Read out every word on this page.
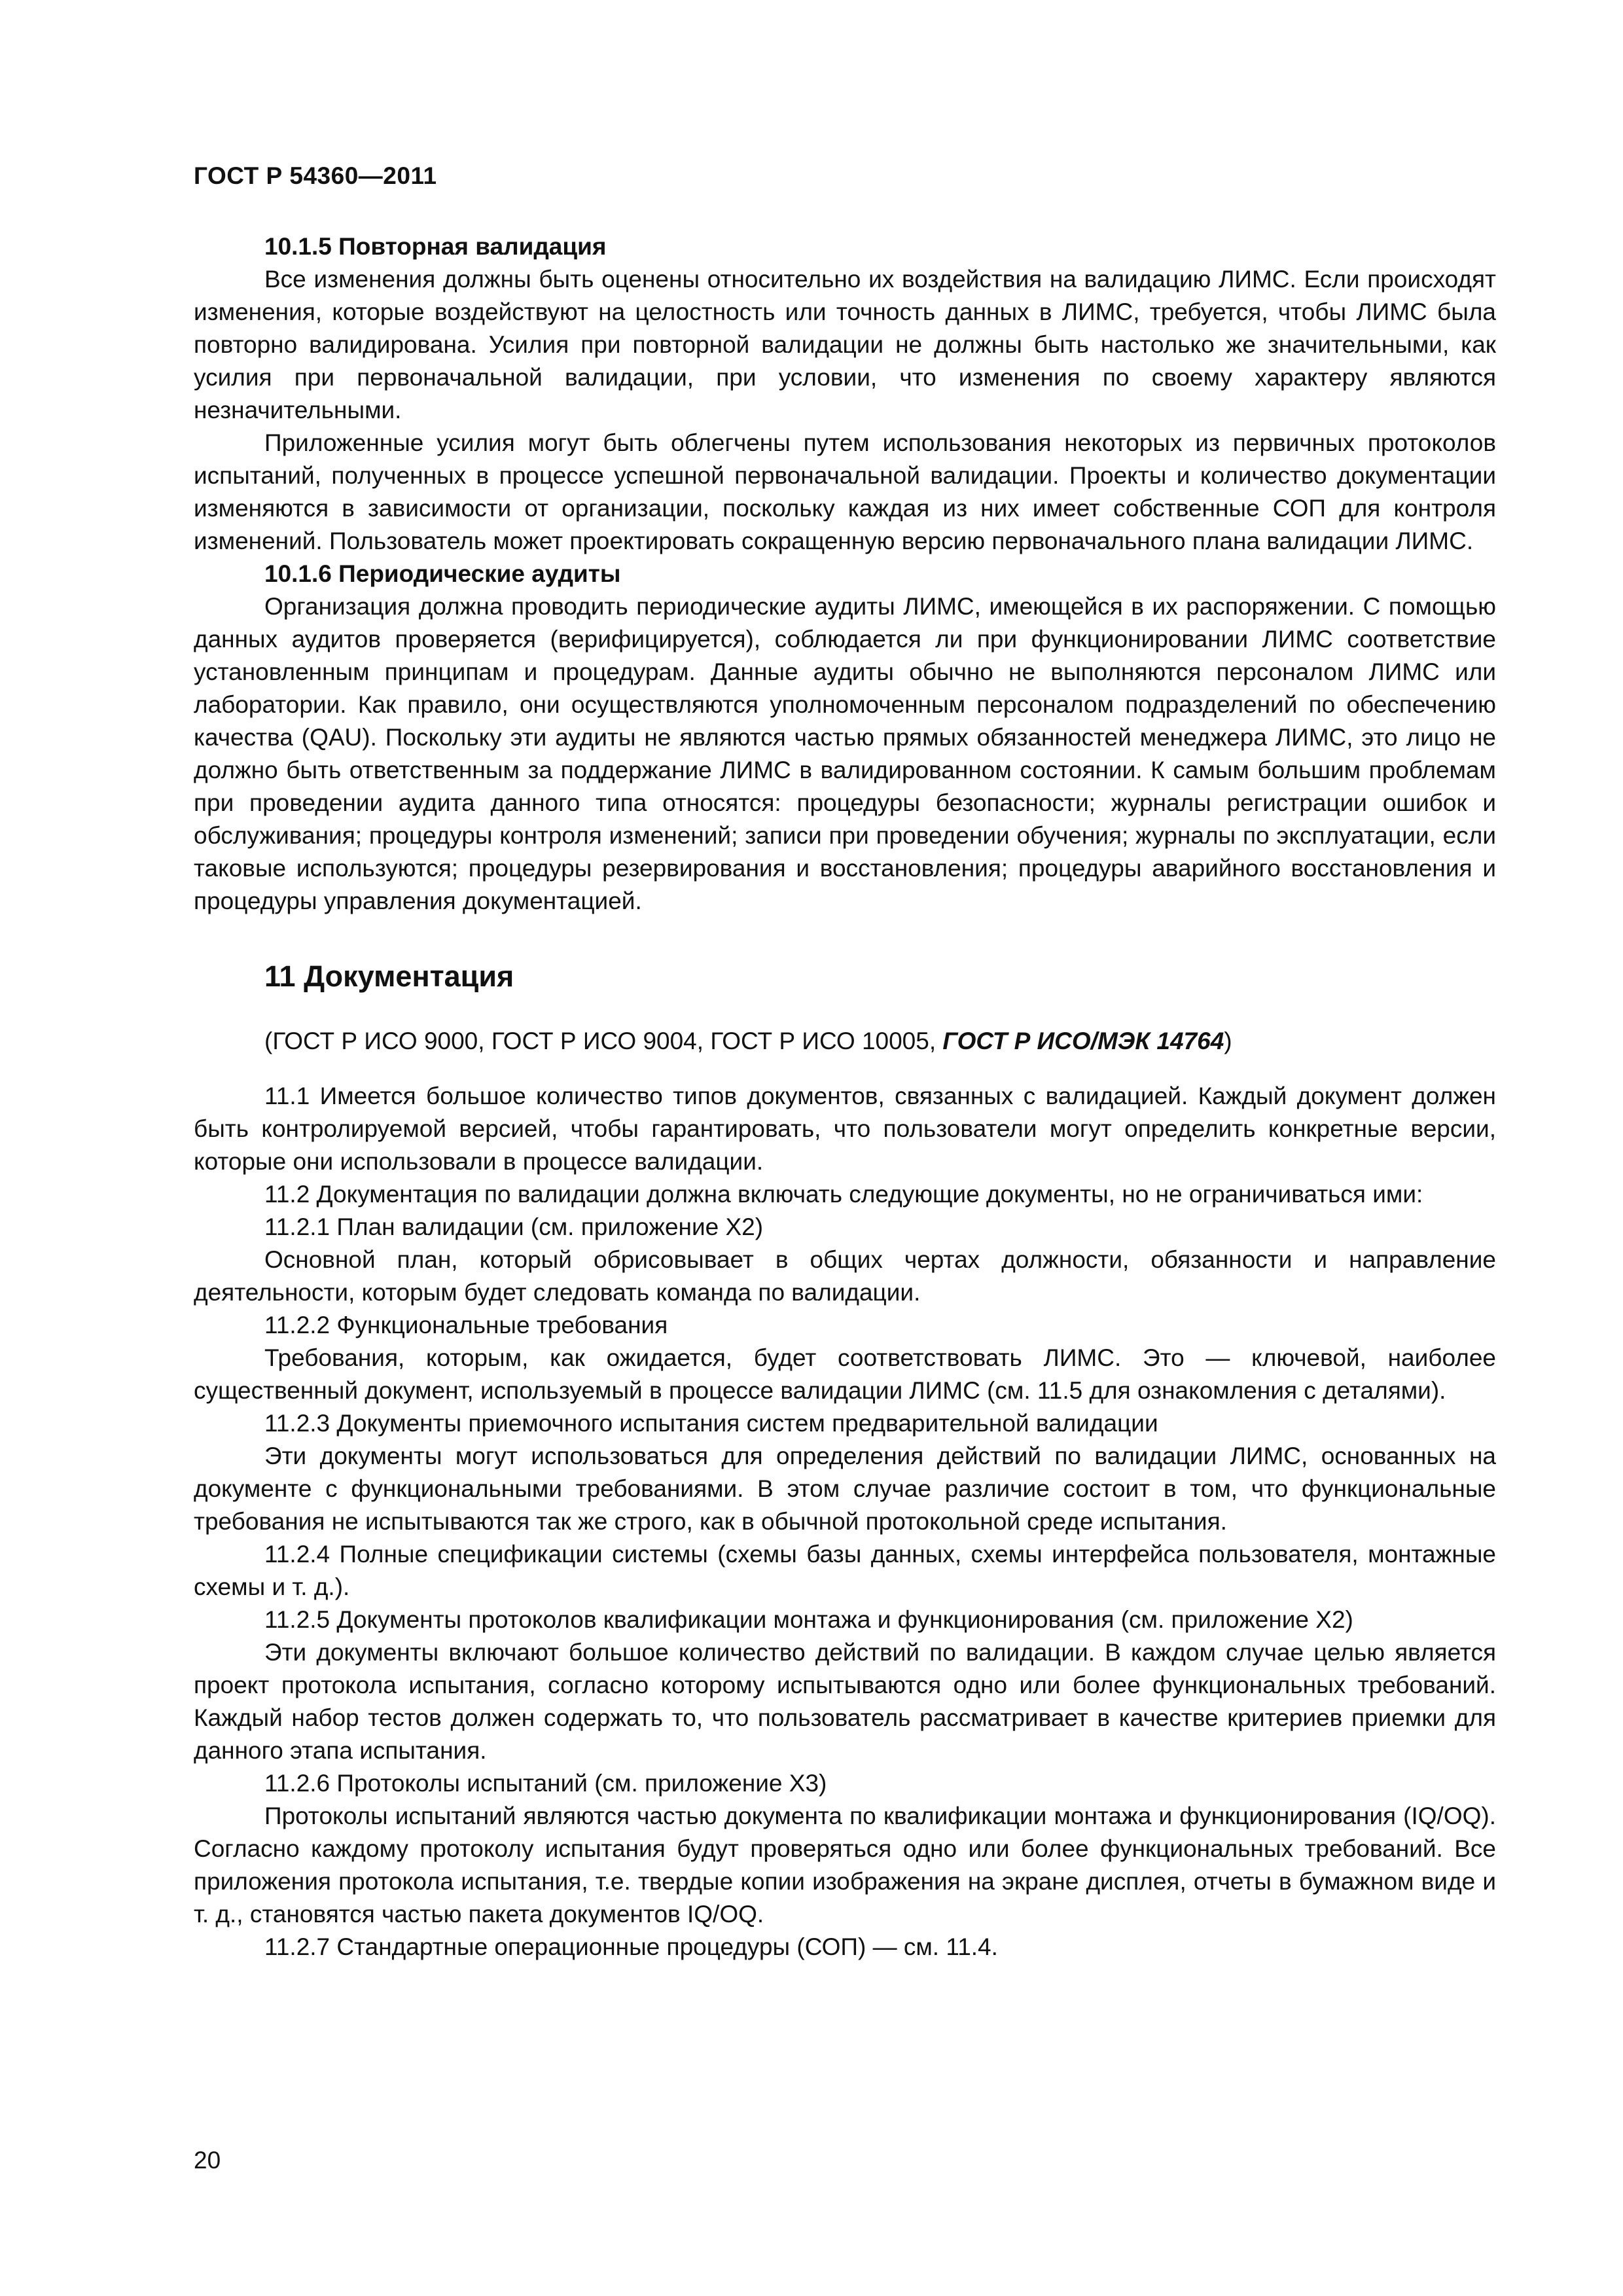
ГОСТ Р 54360—2011
10.1.5 Повторная валидация

Все изменения должны быть оценены относительно их воздействия на валидацию ЛИМС. Если происходят изменения, которые воздействуют на целостность или точность данных в ЛИМС, требуется, чтобы ЛИМС была повторно валидирована. Усилия при повторной валидации не должны быть настолько же значительными, как усилия при первоначальной валидации, при условии, что изменения по своему характеру являются незначительными.

Приложенные усилия могут быть облегчены путем использования некоторых из первичных протоколов испытаний, полученных в процессе успешной первоначальной валидации. Проекты и количество документации изменяются в зависимости от организации, поскольку каждая из них имеет собственные СОП для контроля изменений. Пользователь может проектировать сокращенную версию первоначального плана валидации ЛИМС.

10.1.6 Периодические аудиты

Организация должна проводить периодические аудиты ЛИМС, имеющейся в их распоряжении. С помощью данных аудитов проверяется (верифицируется), соблюдается ли при функционировании ЛИМС соответствие установленным принципам и процедурам. Данные аудиты обычно не выполняются персоналом ЛИМС или лаборатории. Как правило, они осуществляются уполномоченным персоналом подразделений по обеспечению качества (QAU). Поскольку эти аудиты не являются частью прямых обязанностей менеджера ЛИМС, это лицо не должно быть ответственным за поддержание ЛИМС в валидированном состоянии. К самым большим проблемам при проведении аудита данного типа относятся: процедуры безопасности; журналы регистрации ошибок и обслуживания; процедуры контроля изменений; записи при проведении обучения; журналы по эксплуатации, если таковые используются; процедуры резервирования и восстановления; процедуры аварийного восстановления и процедуры управления документацией.

11 Документация

(ГОСТ Р ИСО 9000, ГОСТ Р ИСО 9004, ГОСТ Р ИСО 10005, ГОСТ Р ИСО/МЭК 14764)

11.1 Имеется большое количество типов документов, связанных с валидацией. Каждый документ должен быть контролируемой версией, чтобы гарантировать, что пользователи могут определить конкретные версии, которые они использовали в процессе валидации.

11.2 Документация по валидации должна включать следующие документы, но не ограничиваться ими:

11.2.1 План валидации (см. приложение Х2)

Основной план, который обрисовывает в общих чертах должности, обязанности и направление деятельности, которым будет следовать команда по валидации.

11.2.2 Функциональные требования

Требования, которым, как ожидается, будет соответствовать ЛИМС. Это — ключевой, наиболее существенный документ, используемый в процессе валидации ЛИМС (см. 11.5 для ознакомления с деталями).

11.2.3 Документы приемочного испытания систем предварительной валидации

Эти документы могут использоваться для определения действий по валидации ЛИМС, основанных на документе с функциональными требованиями. В этом случае различие состоит в том, что функциональные требования не испытываются так же строго, как в обычной протокольной среде испытания.

11.2.4 Полные спецификации системы (схемы базы данных, схемы интерфейса пользователя, монтажные схемы и т. д.).

11.2.5 Документы протоколов квалификации монтажа и функционирования (см. приложение Х2)

Эти документы включают большое количество действий по валидации. В каждом случае целью является проект протокола испытания, согласно которому испытываются одно или более функциональных требований. Каждый набор тестов должен содержать то, что пользователь рассматривает в качестве критериев приемки для данного этапа испытания.

11.2.6 Протоколы испытаний (см. приложение Х3)

Протоколы испытаний являются частью документа по квалификации монтажа и функционирования (IQ/OQ). Согласно каждому протоколу испытания будут проверяться одно или более функциональных требований. Все приложения протокола испытания, т.е. твердые копии изображения на экране дисплея, отчеты в бумажном виде и т. д., становятся частью пакета документов IQ/OQ.

11.2.7 Стандартные операционные процедуры (СОП) — см. 11.4.

20
